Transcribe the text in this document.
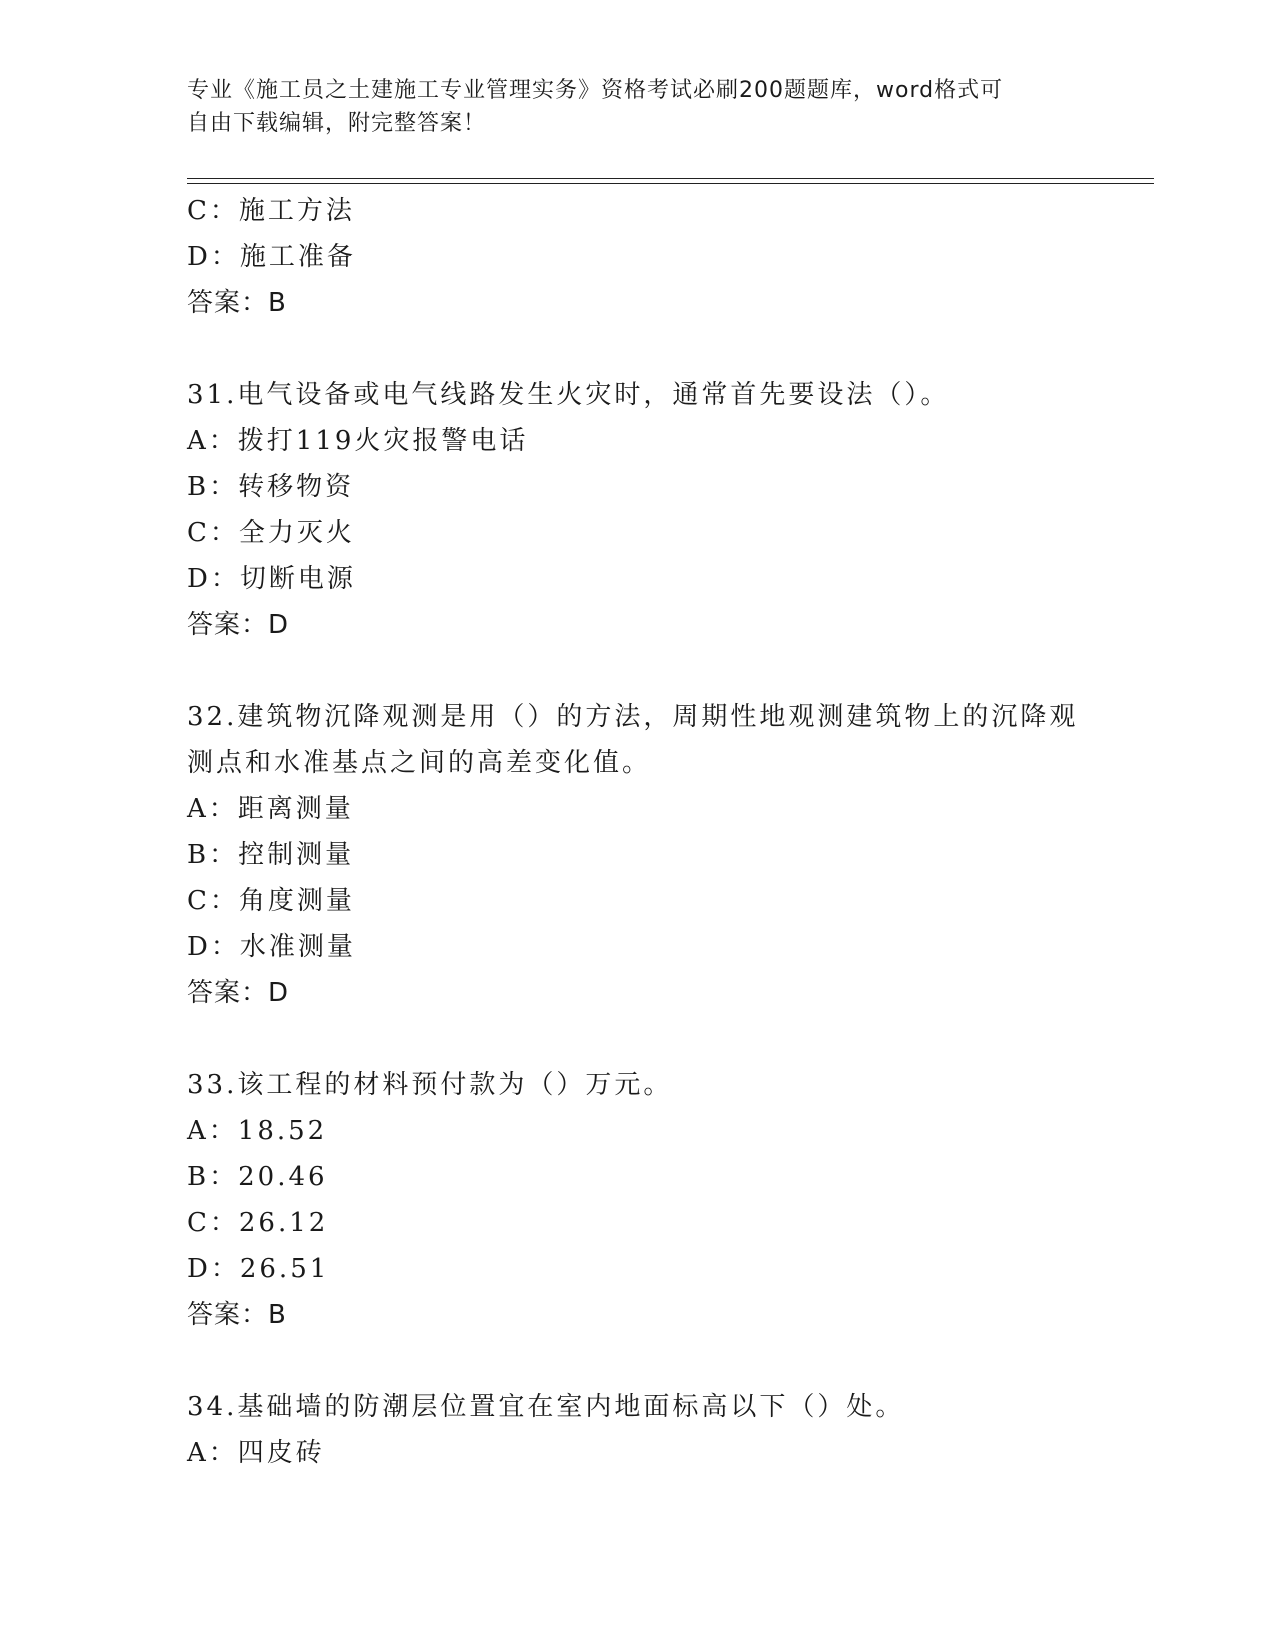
专业《施工员之土建施工专业管理实务》资格考试必刷200题题库，word格式可
自由下载编辑，附完整答案！
C：施工方法
D：施工准备
答案：B
31.电气设备或电气线路发生火灾时，通常首先要设法（）。
A：拨打119火灾报警电话
B：转移物资
C：全力灭火
D：切断电源
答案：D
32.建筑物沉降观测是用（）的方法，周期性地观测建筑物上的沉降观
测点和水准基点之间的高差变化值。
A：距离测量
B：控制测量
C：角度测量
D：水准测量
答案：D
33.该工程的材料预付款为（）万元。
A：18.52
B：20.46
C：26.12
D：26.51
答案：B
34.基础墙的防潮层位置宜在室内地面标高以下（）处。
A：四皮砖
